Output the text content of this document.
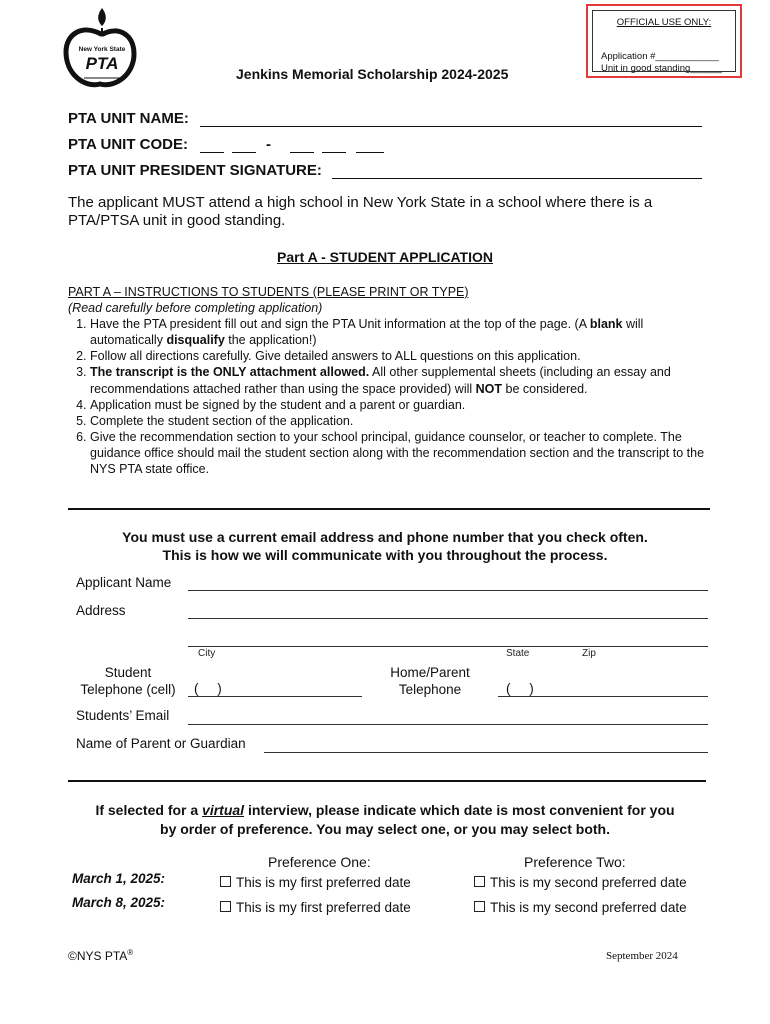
New York State
PTA
OFFICIAL USE ONLY:
Application #____________
Unit in good standing______
Jenkins Memorial Scholarship 2024-2025
PTA UNIT NAME:
PTA UNIT CODE:	-
PTA UNIT PRESIDENT SIGNATURE:
The applicant MUST attend a high school in New York State in a school where there is a PTA/PTSA unit in good standing.
Part A - STUDENT APPLICATION
PART A – INSTRUCTIONS TO STUDENTS (PLEASE PRINT OR TYPE)
(Read carefully before completing application)
1. Have the PTA president fill out and sign the PTA Unit information at the top of the page. (A blank will automatically disqualify the application!)
2. Follow all directions carefully. Give detailed answers to ALL questions on this application.
3. The transcript is the ONLY attachment allowed. All other supplemental sheets (including an essay and recommendations attached rather than using the space provided) will NOT be considered.
4. Application must be signed by the student and a parent or guardian.
5. Complete the student section of the application.
6. Give the recommendation section to your school principal, guidance counselor, or teacher to complete. The guidance office should mail the student section along with the recommendation section and the transcript to the NYS PTA state office.
You must use a current email address and phone number that you check often.
This is how we will communicate with you throughout the process.
Applicant Name
Address
City	State	Zip
Student
Telephone (cell)	(     )
Home/Parent
Telephone	(     )
Students’ Email
Name of Parent or Guardian
If selected for a virtual interview, please indicate which date is most convenient for you
by order of preference. You may select one, or you may select both.
Preference One:	Preference Two:
March 1, 2025:	This is my first preferred date	This is my second preferred date
March 8, 2025:	This is my first preferred date	This is my second preferred date
©NYS PTA®	September 2024
